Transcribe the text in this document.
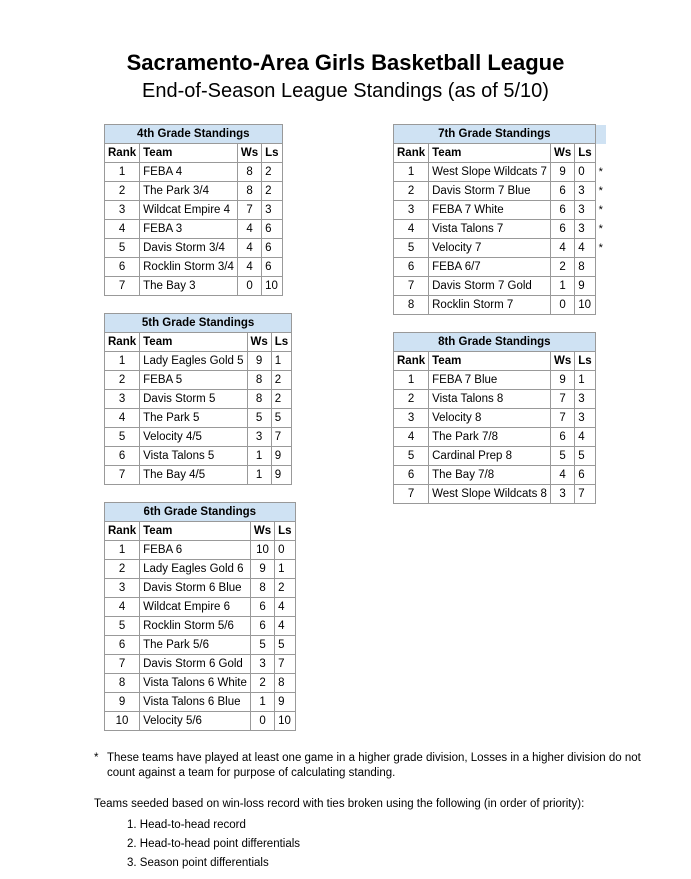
Sacramento-Area Girls Basketball League
End-of-Season League Standings (as of 5/10)
4th Grade Standings			
Rank	Team	Ws	Ls
1	FEBA 4	8	2
2	The Park 3/4	8	2
3	Wildcat Empire 4	7	3
4	FEBA 3	4	6
5	Davis Storm 3/4	4	6
6	Rocklin Storm 3/4	4	6
7	The Bay 3	0	10
5th Grade Standings			
Rank	Team	Ws	Ls
1	Lady Eagles Gold 5	9	1
2	FEBA 5	8	2
3	Davis Storm 5	8	2
4	The Park 5	5	5
5	Velocity 4/5	3	7
6	Vista Talons 5	1	9
7	The Bay 4/5	1	9
6th Grade Standings			
Rank	Team	Ws	Ls
1	FEBA 6	10	0
2	Lady Eagles Gold 6	9	1
3	Davis Storm 6 Blue	8	2
4	Wildcat Empire 6	6	4
5	Rocklin Storm 5/6	6	4
6	The Park 5/6	5	5
7	Davis Storm 6 Gold	3	7
8	Vista Talons 6 White	2	8
9	Vista Talons 6 Blue	1	9
10	Velocity 5/6	0	10
7th Grade Standings				
Rank	Team	Ws	Ls	
1	West Slope Wildcats 7	9	0	*
2	Davis Storm 7 Blue	6	3	*
3	FEBA 7 White	6	3	*
4	Vista Talons 7	6	3	*
5	Velocity 7	4	4	*
6	FEBA 6/7	2	8	
7	Davis Storm 7 Gold	1	9	
8	Rocklin Storm 7	0	10	
8th Grade Standings			
Rank	Team	Ws	Ls
1	FEBA 7 Blue	9	1
2	Vista Talons 8	7	3
3	Velocity 8	7	3
4	The Park 7/8	6	4
5	Cardinal Prep 8	5	5
6	The Bay 7/8	4	6
7	West Slope Wildcats 8	3	7
* These teams have played at least one game in a higher grade division, Losses in a higher division do not count against a team for purpose of calculating standing.
Teams seeded based on win-loss record with ties broken using the following (in order of priority):
1. Head-to-head record
2. Head-to-head point differentials
3. Season point differentials
